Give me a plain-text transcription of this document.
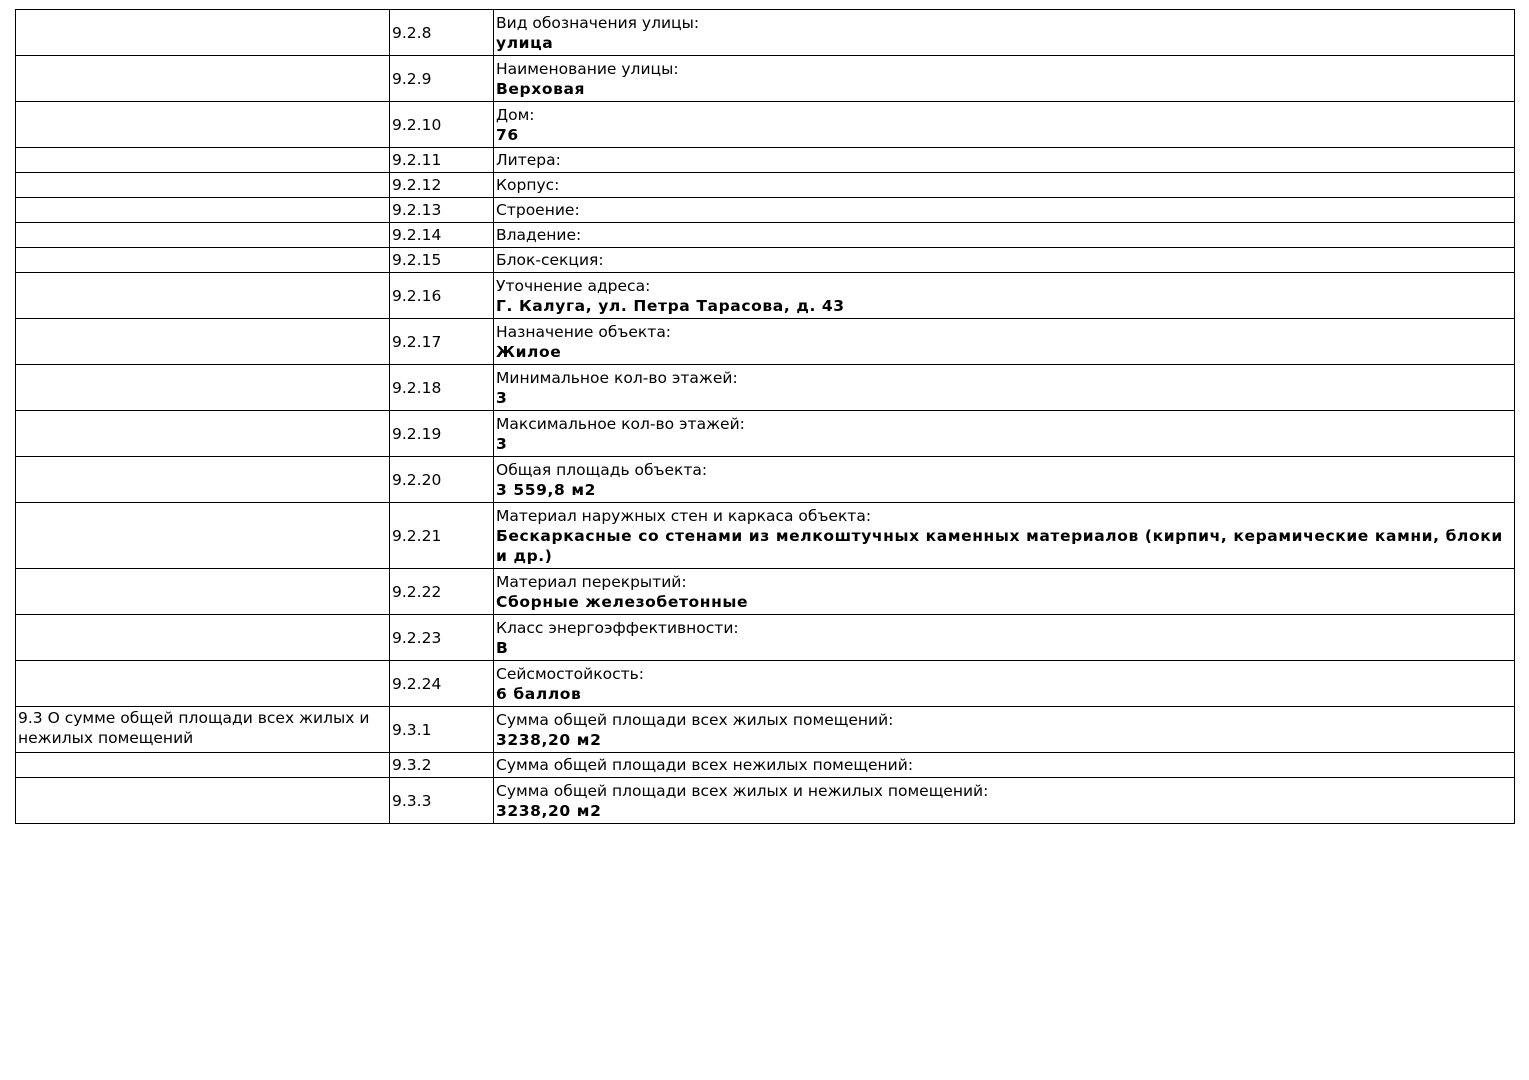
	9.2.8	Вид обозначения улицы:
улица

	9.2.9	Наименование улицы:
Верховая

	9.2.10	Дом:
76

	9.2.11	Литера:

	9.2.12	Корпус:

	9.2.13	Строение:

	9.2.14	Владение:

	9.2.15	Блок-секция:

	9.2.16	Уточнение адреса:
Г. Калуга, ул. Петра Тарасова, д. 43

	9.2.17	Назначение объекта:
Жилое

	9.2.18	Минимальное кол-во этажей:
3

	9.2.19	Максимальное кол-во этажей:
3

	9.2.20	Общая площадь объекта:
3 559,8 м2

	9.2.21	Материал наружных стен и каркаса объекта:
Бескаркасные со стенами из мелкоштучных каменных материалов (кирпич, керамические камни, блоки и др.)

	9.2.22	Материал перекрытий:
Сборные железобетонные

	9.2.23	Класс энергоэффективности:
B

	9.2.24	Сейсмостойкость:
6 баллов

9.3 О сумме общей площади всех жилых и нежилых помещений	9.3.1	Сумма общей площади всех жилых помещений:
3238,20 м2

	9.3.2	Сумма общей площади всех нежилых помещений:

	9.3.3	Сумма общей площади всех жилых и нежилых помещений:
3238,20 м2
